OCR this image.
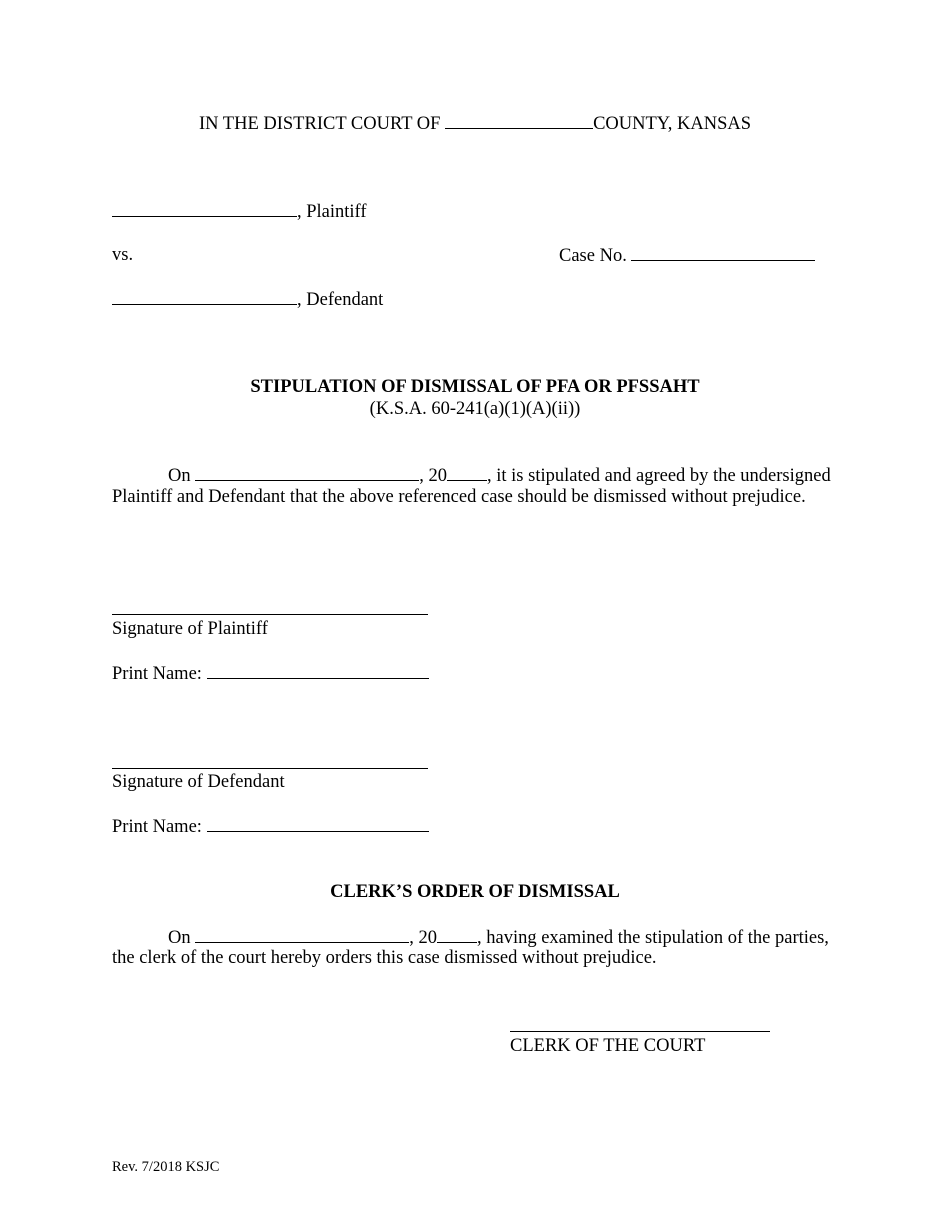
IN THE DISTRICT COURT OF	COUNTY, KANSAS
, Plaintiff
vs.	Case No.
, Defendant
STIPULATION OF DISMISSAL OF PFA OR PFSSAHT
(K.S.A. 60-241(a)(1)(A)(ii))
On	, 20 , it is stipulated and agreed by the undersigned
Plaintiff and Defendant that the above referenced case should be dismissed without prejudice.
Signature of Plaintiff
Print Name:
Signature of Defendant
Print Name:
CLERK’S ORDER OF DISMISSAL
On	, 20 , having examined the stipulation of the parties,
the clerk of the court hereby orders this case dismissed without prejudice.
CLERK OF THE COURT
Rev. 7/2018 KSJC
